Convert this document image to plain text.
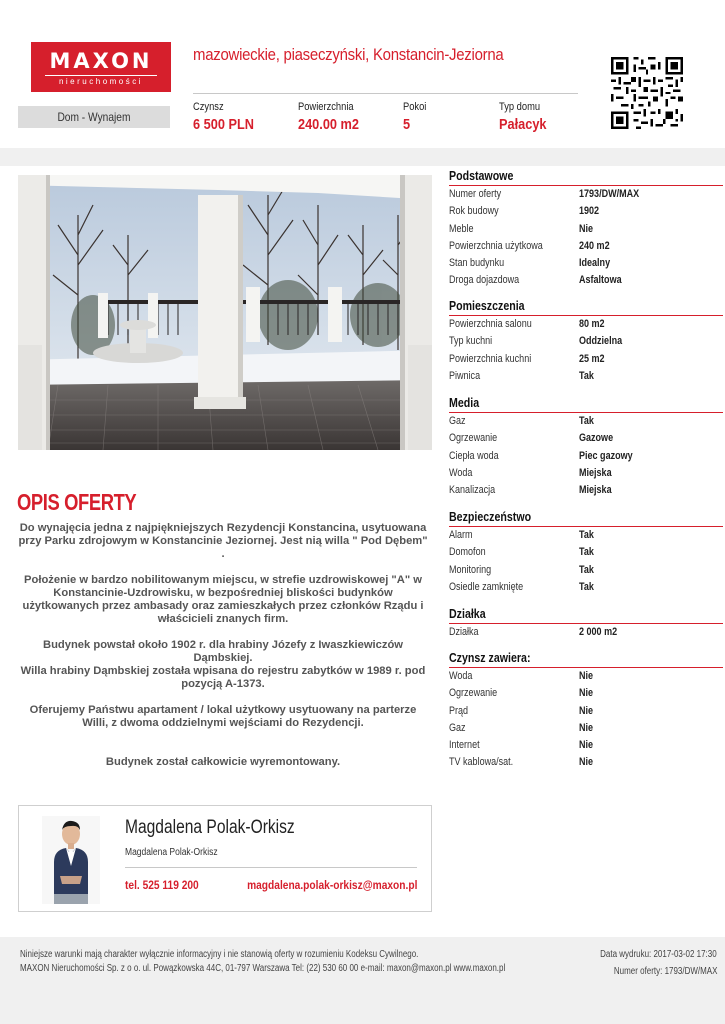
MAXON
nieruchomości
mazowieckie, piaseczyński, Konstancin-Jeziorna
Dom - Wynajem
Czynsz
6 500 PLN
Powierzchnia
240.00 m2
Pokoi
5
Typ domu
Pałacyk
OPIS OFERTY

Do wynajęcia jedna z najpiękniejszych Rezydencji Konstancina, usytuowana przy Parku zdrojowym w Konstancinie Jeziornej. Jest nią willa " Pod Dębem" .

Położenie w bardzo nobilitowanym miejscu, w strefie uzdrowiskowej "A" w Konstancinie-Uzdrowisku, w bezpośredniej bliskości budynków użytkowanych przez ambasady oraz zamieszkałych przez członków Rządu i właścicieli znanych firm.

Budynek powstał około 1902 r. dla hrabiny Józefy z Iwaszkiewiczów Dąmbskiej.
Willa hrabiny Dąmbskiej została wpisana do rejestru zabytków w 1989 r. pod pozycją A-1373.

Oferujemy Państwu apartament / lokal użytkowy usytuowany na parterze Willi, z dwoma oddzielnymi wejściami do Rezydencji.

Budynek został całkowicie wyremontowany.

Magdalena Polak-Orkisz
Magdalena Polak-Orkisz
tel. 525 119 200	magdalena.polak-orkisz@maxon.pl
Podstawowe
Numer oferty	1793/DW/MAX
Rok budowy	1902
Meble	Nie
Powierzchnia użytkowa	240 m2
Stan budynku	Idealny
Droga dojazdowa	Asfaltowa
Pomieszczenia
Powierzchnia salonu	80 m2
Typ kuchni	Oddzielna
Powierzchnia kuchni	25 m2
Piwnica	Tak
Media
Gaz	Tak
Ogrzewanie	Gazowe
Ciepła woda	Piec gazowy
Woda	Miejska
Kanalizacja	Miejska
Bezpieczeństwo
Alarm	Tak
Domofon	Tak
Monitoring	Tak
Osiedle zamknięte	Tak
Działka
Działka	2 000 m2
Czynsz zawiera:
Woda	Nie
Ogrzewanie	Nie
Prąd	Nie
Gaz	Nie
Internet	Nie
TV kablowa/sat.	Nie
Niniejsze warunki mają charakter wyłącznie informacyjny i nie stanowią oferty w rozumieniu Kodeksu Cywilnego.
MAXON Nieruchomości Sp. z o o. ul. Powązkowska 44C, 01-797 Warszawa Tel: (22) 530 60 00 e-mail: maxon@maxon.pl www.maxon.pl
Data wydruku: 2017-03-02 17:30
Numer oferty: 1793/DW/MAX
